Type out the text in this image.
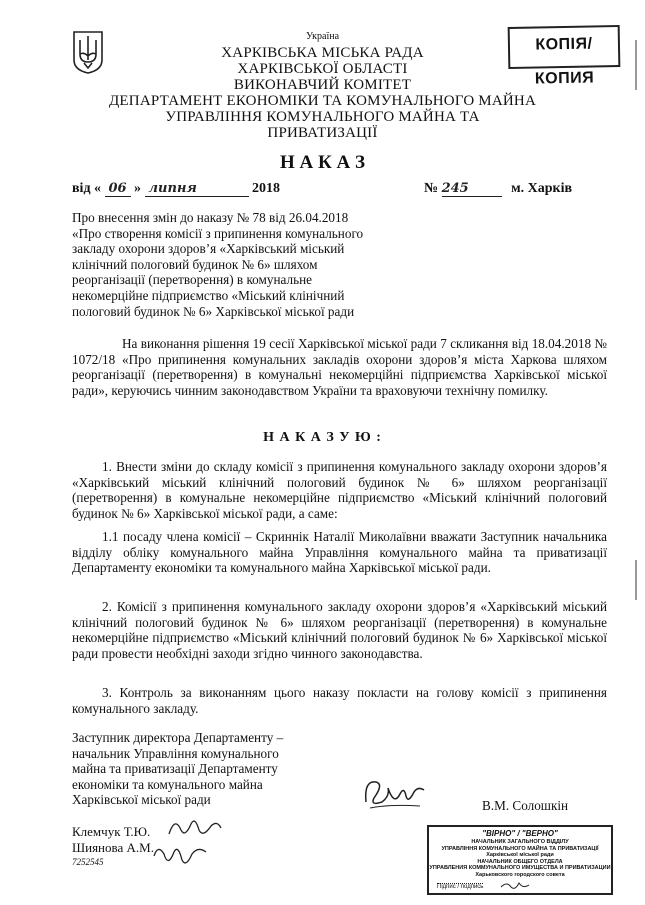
Україна
ХАРКІВСЬКА МІСЬКА РАДА
ХАРКІВСЬКОЇ ОБЛАСТІ
ВИКОНАВЧИЙ КОМІТЕТ
ДЕПАРТАМЕНТ ЕКОНОМІКИ ТА КОМУНАЛЬНОГО МАЙНА
УПРАВЛІННЯ КОМУНАЛЬНОГО МАЙНА ТА
ПРИВАТИЗАЦІЇ
КОПІЯ/КОПИЯ
Н А К А З
від « 06 » липня	2018	№ 245	м. Харків
Про внесення змін до наказу № 78 від 26.04.2018
«Про створення комісії з припинення комунального
закладу охорони здоров’я «Харківський міський
клінічний пологовий будинок № 6» шляхом
реорганізації (перетворення) в комунальне
некомерційне підприємство «Міський клінічний
пологовий будинок № 6» Харківської міської ради
На виконання рішення 19 сесії Харківської міської ради 7 скликання від 18.04.2018 № 1072/18 «Про припинення комунальних закладів охорони здоров’я міста Харкова шляхом реорганізації (перетворення) в комунальні некомерційні підприємства Харківської міської ради», керуючись чинним законодавством України та враховуючи технічну помилку.
Н А К А З У Ю :
1. Внести зміни до складу комісії з припинення комунального закладу охорони здоров’я «Харківський міський клінічний пологовий будинок № 6» шляхом реорганізації (перетворення) в комунальне некомерційне підприємство «Міський клінічний пологовий будинок № 6» Харківської міської ради, а саме:
1.1 посаду члена комісії – Скриннік Наталії Миколаївни вважати Заступник начальника відділу обліку комунального майна Управління комунального майна та приватизації Департаменту економіки та комунального майна Харківської міської ради.
2. Комісії з припинення комунального закладу охорони здоров’я «Харківський міський клінічний пологовий будинок № 6» шляхом реорганізації (перетворення) в комунальне некомерційне підприємство «Міський клінічний пологовий будинок № 6» Харківської міської ради провести необхідні заходи згідно чинного законодавства.
3. Контроль за виконанням цього наказу покласти на голову комісії з припинення комунального закладу.
Заступник директора Департаменту –
начальник Управління комунального
майна та приватизації Департаменту
економіки та комунального майна
Харківської міської ради	В.М. Солошкін
Клемчук Т.Ю.
Шиянова А.М.
7252545
"ВІРНО" / "ВЕРНО"
НАЧАЛЬНИК ЗАГАЛЬНОГО ВІДДІЛУ
УПРАВЛІННЯ КОМУНАЛЬНОГО МАЙНА ТА ПРИВАТИЗАЦІЇ
Харківської міської ради
НАЧАЛЬНИК ОБЩЕГО ОТДЕЛА
УПРАВЛЕНИЯ КОММУНАЛЬНОГО ИМУЩЕСТВА И ПРИВАТИЗАЦИИ
Харьковского городского совета
Підпис / подпись
